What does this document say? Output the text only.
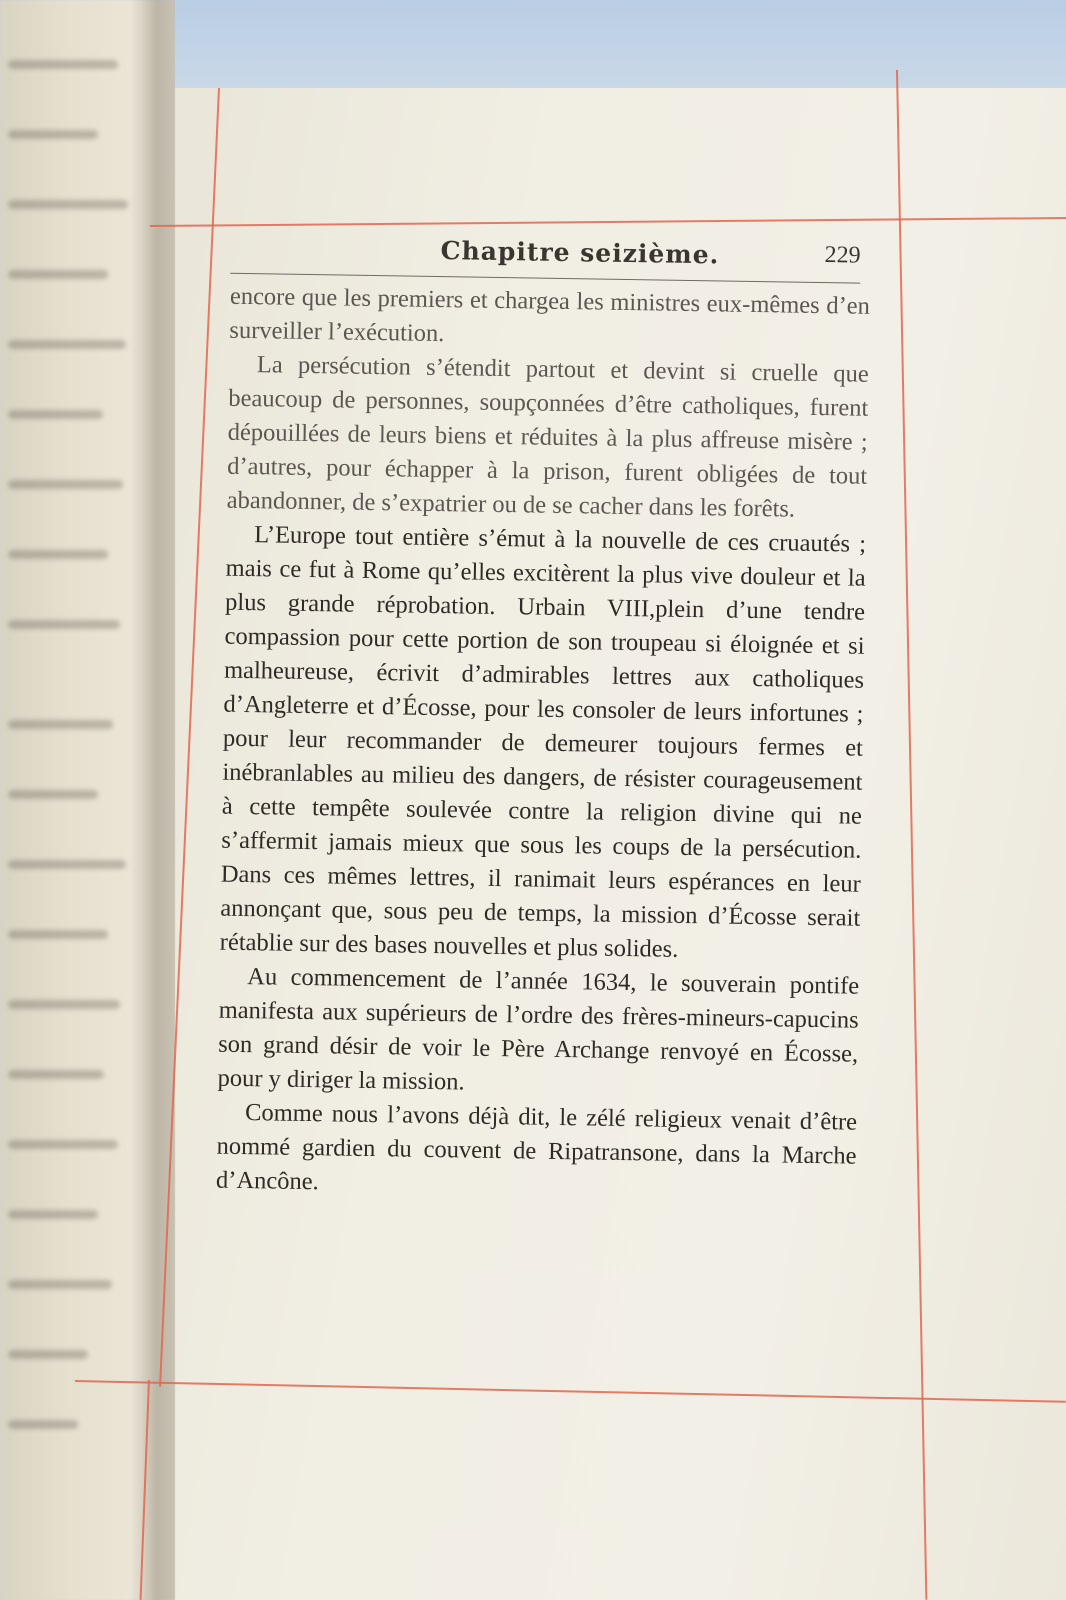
Chapitre seizième.	229

encore que les premiers et chargea les ministres eux-mêmes d’en surveiller l’exécution.

La persécution s’étendit partout et devint si cruelle que beaucoup de personnes, soupçonnées d’être catholiques, furent dépouillées de leurs biens et réduites à la plus affreuse misère ; d’autres, pour échapper à la prison, furent obligées de tout abandonner, de s’expatrier ou de se cacher dans les forêts.

L’Europe tout entière s’émut à la nouvelle de ces cruautés ; mais ce fut à Rome qu’elles excitèrent la plus vive douleur et la plus grande réprobation. Urbain VIII,plein d’une tendre compassion pour cette portion de son troupeau si éloignée et si malheureuse, écrivit d’admirables lettres aux catholiques d’Angleterre et d’Écosse, pour les consoler de leurs infortunes ; pour leur recommander de demeurer toujours fermes et inébranlables au milieu des dangers, de résister courageusement à cette tempête soulevée contre la religion divine qui ne s’affermit jamais mieux que sous les coups de la persécution. Dans ces mêmes lettres, il ranimait leurs espérances en leur annonçant que, sous peu de temps, la mission d’Écosse serait rétablie sur des bases nouvelles et plus solides.

Au commencement de l’année 1634, le souverain pontife manifesta aux supérieurs de l’ordre des frères-mineurs-capucins son grand désir de voir le Père Archange renvoyé en Écosse, pour y diriger la mission.

Comme nous l’avons déjà dit, le zélé religieux venait d’être nommé gardien du couvent de Ripatransone, dans la Marche d’Ancône.
